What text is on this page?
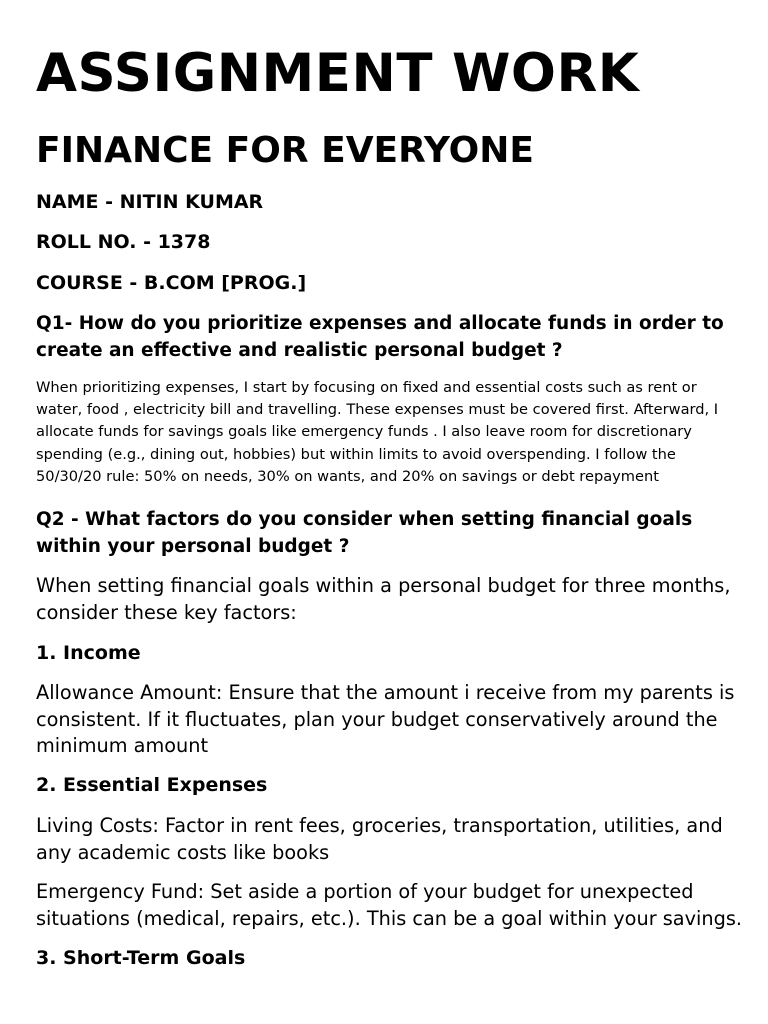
ASSIGNMENT WORK
FINANCE FOR EVERYONE

NAME - NITIN KUMAR

ROLL NO. - 1378

COURSE - B.COM [PROG.]

Q1- How do you prioritize expenses and allocate funds in order to create an effective and realistic personal budget ?

When prioritizing expenses, I start by focusing on fixed and essential costs such as rent or water, food , electricity bill and travelling. These expenses must be covered first. Afterward, I allocate funds for savings goals like emergency funds . I also leave room for discretionary spending (e.g., dining out, hobbies) but within limits to avoid overspending. I follow the 50/30/20 rule: 50% on needs, 30% on wants, and 20% on savings or debt repayment

Q2 - What factors do you consider when setting financial goals within your personal budget ?

When setting financial goals within a personal budget for three months, consider these key factors:

1. Income

Allowance Amount: Ensure that the amount i receive from my parents is consistent. If it fluctuates, plan your budget conservatively around the minimum amount

2. Essential Expenses

Living Costs: Factor in rent fees, groceries, transportation, utilities, and any academic costs like books

Emergency Fund: Set aside a portion of your budget for unexpected situations (medical, repairs, etc.). This can be a goal within your savings.

3. Short-Term Goals
